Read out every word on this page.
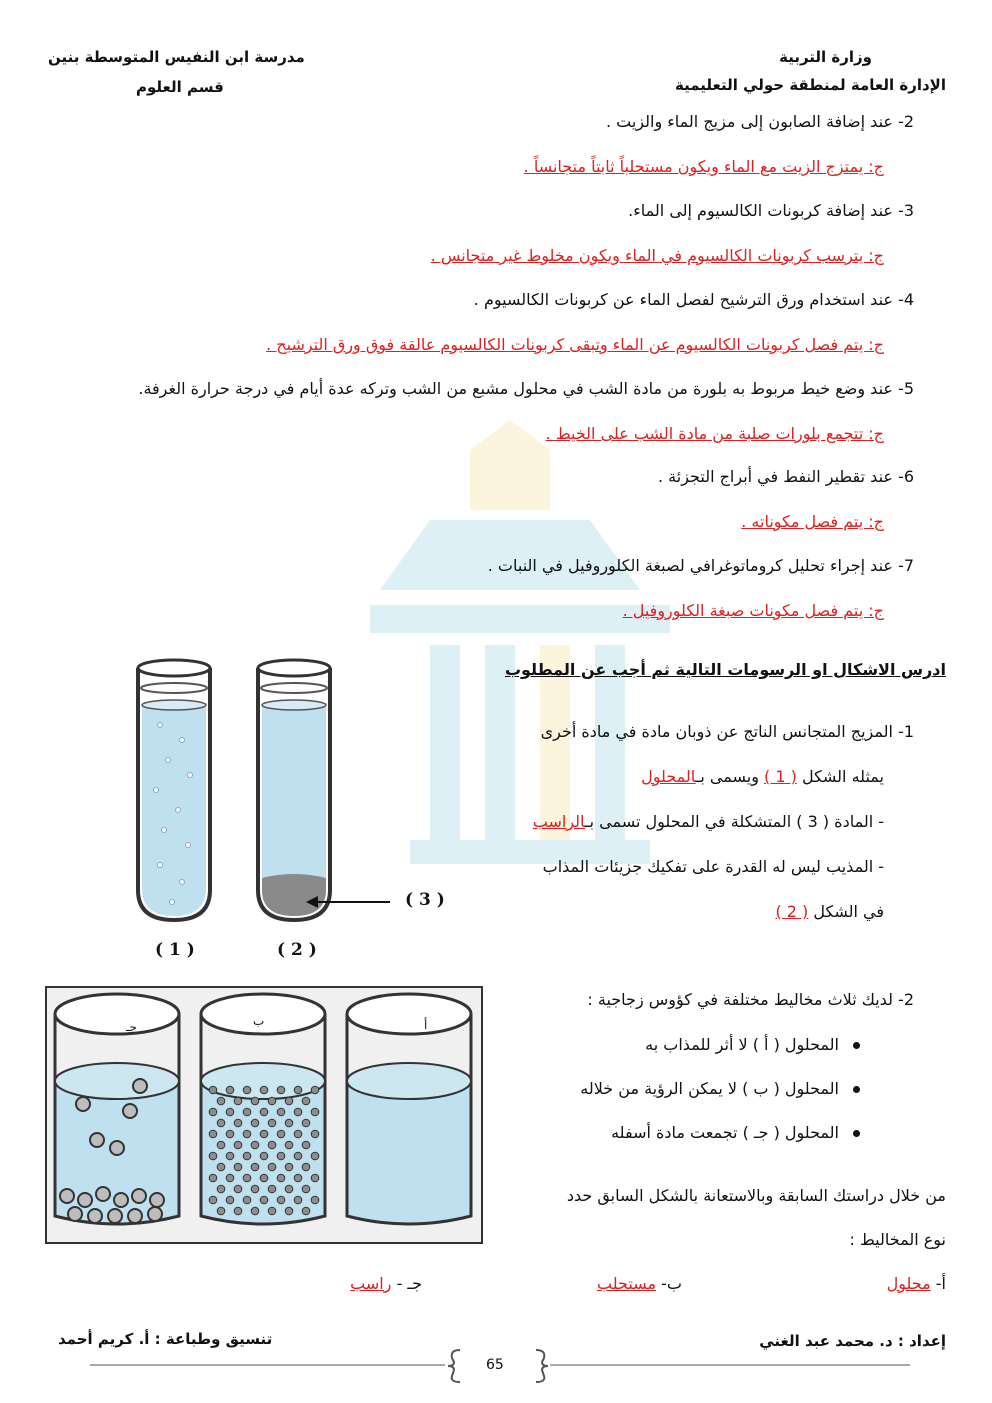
وزارة التربية
الإدارة العامة لمنطقة حولي التعليمية
مدرسة ابن النفيس المتوسطة بنين
قسم العلوم
2- عند إضافة الصابون إلى مزيج الماء والزيت .
ج: يمتزج الزيت مع الماء ويكون مستحلباً ثابتاً متجانساً .
3- عند إضافة كربونات الكالسيوم إلى الماء.
ج: يترسب كربونات الكالسيوم في الماء ويكون مخلوط غير متجانس .
4- عند استخدام ورق الترشيح لفصل الماء عن كربونات الكالسيوم .
ج: يتم فصل كربونات الكالسيوم عن الماء وتبقى كربونات الكالسيوم عالقة فوق ورق الترشيح .
5- عند وضع خيط مربوط به بلورة من مادة الشب في محلول مشبع من الشب وتركه عدة أيام في درجة حرارة الغرفة.
ج: تتجمع بلورات صلبة من مادة الشب على الخيط .
6- عند تقطير النفط في أبراج التجزئة .
ج: يتم فصل مكوناته .
7- عند إجراء تحليل كروماتوغرافي لصبغة الكلوروفيل في النبات .
ج: يتم فصل مكونات صبغة الكلوروفيل .
ادرس الاشكال او الرسومات التالية ثم أجب عن المطلوب
( 3 )
( 1 )	( 2 )
1- المزيج المتجانس الناتج عن ذوبان مادة في مادة أخرى
يمثله الشكل ( 1 ) ويسمى بـالمحلول
- المادة ( 3 ) المتشكلة في المحلول تسمى بـالراسب
- المذيب ليس له القدرة على تفكيك جزيئات المذاب
في الشكل ( 2 )
جـ	ب	أ
2- لديك ثلاث مخاليط مختلفة في كؤوس زجاجية :
المحلول ( أ ) لا أثر للمذاب به
المحلول ( ب ) لا يمكن الرؤية من خلاله
المحلول ( جـ ) تجمعت مادة أسفله
من خلال دراستك السابقة وبالاستعانة بالشكل السابق حدد
نوع المخاليط :
أ- محلول
ب- مستحلب
جـ - راسب
إعداد : د. محمد عبد الغني
تنسيق وطباعة : أ. كريم أحمد
65
